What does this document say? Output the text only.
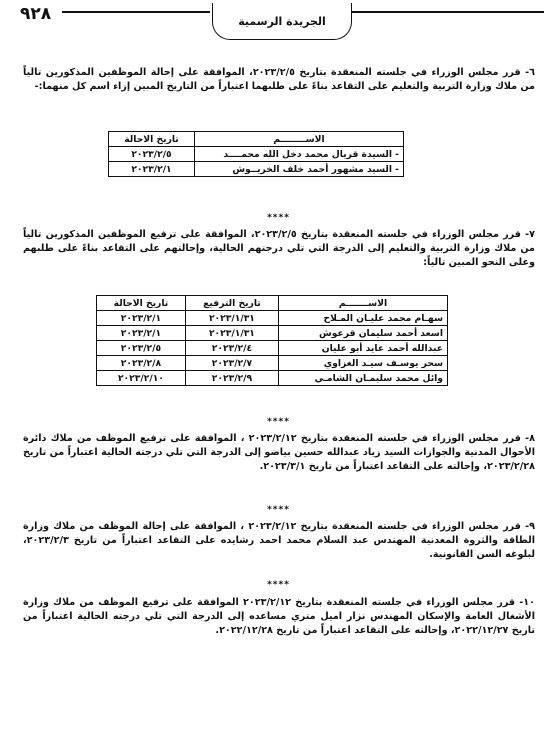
٩٢٨	الجريدة الرسمية
٦- قرر مجلس الوزراء في جلسته المنعقدة بتاريخ ٢٠٢٣/٢/٥، الموافقة على إحالة الموظفين المذكورين تالياً من ملاك وزارة التربية والتعليم على التقاعد بناءً على طلبهما اعتباراً من التاريخ المبين إزاء اسم كل منهما:-
الاســــــــم	تاريخ الاحالة
- السيدة قريال محمد دخل الله محمــــد	٢٠٢٣/٢/٥
- السيد مشهور أحمد خلف الخريــوش	٢٠٢٣/٢/١
****
٧- قرر مجلس الوزراء في جلسته المنعقدة بتاريخ ٢٠٢٣/٢/٥، الموافقة على ترفيع الموظفين المذكورين تالياً من ملاك وزارة التربية والتعليم إلى الدرجة التي تلي درجتهم الحالية، وإحالتهم على التقاعد بناءً على طلبهم وعلى النحو المبين تالياً:
الاســـــــم	تاريخ الترفيع	تاريخ الاحالة
سهـام محمد عليـان المـلاح	٢٠٢٣/١/٣١	٢٠٢٣/٢/١
اسعد أحمد سليمان قرعوش	٢٠٢٣/١/٣١	٢٠٢٣/٢/١
عبدالله أحمد عايد أبو عليان	٢٠٢٣/٢/٤	٢٠٢٣/٢/٥
سحر يوسـف سيـد الغزاوي	٢٠٢٣/٢/٧	٢٠٢٣/٢/٨
وائل محمد سليمـان الشامـي	٢٠٢٣/٢/٩	٢٠٢٣/٢/١٠
****
٨- قرر مجلس الوزراء في جلسته المنعقدة بتاريخ ٢٠٢٣/٢/١٢ ، الموافقة على ترفيع الموظف من ملاك دائرة الأحوال المدنية والجوازات السيد زياد عبدالله حسين بياضو إلى الدرجة التي تلي درجته الحالية اعتباراً من تاريخ ٢٠٢٣/٢/٢٨، وإحالته على التقاعد اعتباراً من تاريخ ٢٠٢٣/٣/١.
****
٩- قرر مجلس الوزراء في جلسته المنعقدة بتاريخ ٢٠٢٣/٢/١٢ ، الموافقة على إحالة الموظف من ملاك وزارة الطاقة والثروة المعدنية المهندس عبد السلام محمد احمد رشايده على التقاعد اعتباراً من تاريخ ٢٠٢٣/٢/٣، لبلوغه السن القانونية.
****
١٠- قرر مجلس الوزراء في جلسته المنعقدة بتاريخ ٢٠٢٣/٢/١٢ الموافقة على ترفيع الموظف من ملاك وزارة الأشغال العامة والإسكان المهندس نزار اميل متري مساعده إلى الدرجة التي تلي درجته الحالية اعتباراً من تاريخ ٢٠٢٢/١٢/٢٧، وإحالته على التقاعد اعتباراً من تاريخ ٢٠٢٢/١٢/٢٨.
